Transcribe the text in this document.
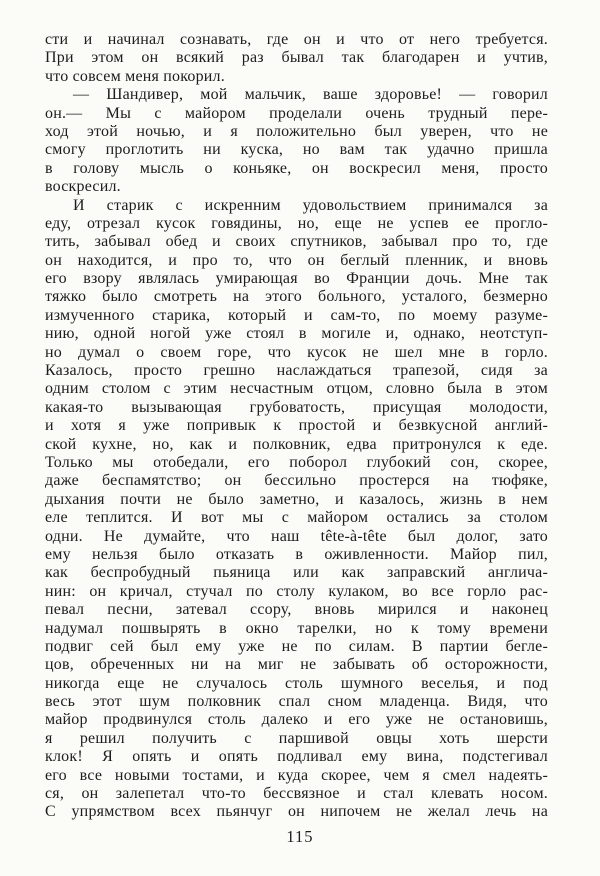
сти и начинал сознавать, где он и что от него требуется.
При этом он всякий раз бывал так благодарен и учтив,
что совсем меня покорил.
— Шандивер, мой мальчик, ваше здоровье! — говорил
он.— Мы с майором проделали очень трудный пере-
ход этой ночью, и я положительно был уверен, что не
смогу проглотить ни куска, но вам так удачно пришла
в голову мысль о коньяке, он воскресил меня, просто
воскресил.
И старик с искренним удовольствием принимался за
еду, отрезал кусок говядины, но, еще не успев ее прогло-
тить, забывал обед и своих спутников, забывал про то, где
он находится, и про то, что он беглый пленник, и вновь
его взору являлась умирающая во Франции дочь. Мне так
тяжко было смотреть на этого больного, усталого, безмерно
измученного старика, который и сам-то, по моему разуме-
нию, одной ногой уже стоял в могиле и, однако, неотступ-
но думал о своем горе, что кусок не шел мне в горло.
Казалось, просто грешно наслаждаться трапезой, сидя за
одним столом с этим несчастным отцом, словно была в этом
какая-то вызывающая грубоватость, присущая молодости,
и хотя я уже попривык к простой и безвкусной англий-
ской кухне, но, как и полковник, едва притронулся к еде.
Только мы отобедали, его поборол глубокий сон, скорее,
даже беспамятство; он бессильно простерся на тюфяке,
дыхания почти не было заметно, и казалось, жизнь в нем
еле теплится. И вот мы с майором остались за столом
одни. Не думайте, что наш tête-à-tête был долог, зато
ему нельзя было отказать в оживленности. Майор пил,
как беспробудный пьяница или как заправский англича-
нин: он кричал, стучал по столу кулаком, во все горло рас-
певал песни, затевал ссору, вновь мирился и наконец
надумал пошвырять в окно тарелки, но к тому времени
подвиг сей был ему уже не по силам. В партии бегле-
цов, обреченных ни на миг не забывать об осторожности,
никогда еще не случалось столь шумного веселья, и под
весь этот шум полковник спал сном младенца. Видя, что
майор продвинулся столь далеко и его уже не остановишь,
я решил получить с паршивой овцы хоть шерсти
клок! Я опять и опять подливал ему вина, подстегивал
его все новыми тостами, и куда скорее, чем я смел надеять-
ся, он залепетал что-то бессвязное и стал клевать носом.
С упрямством всех пьянчуг он нипочем не желал лечь на
115
